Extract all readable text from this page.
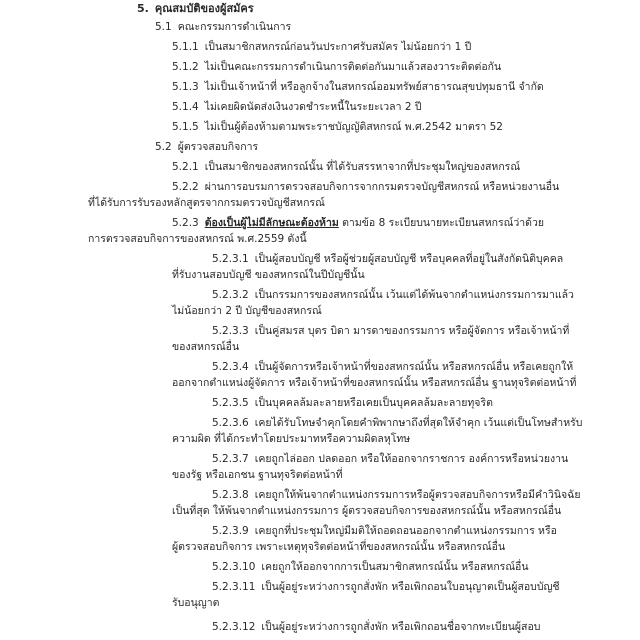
5. คุณสมบัติของผู้สมัคร
5.1 คณะกรรมการดำเนินการ
5.1.1 เป็นสมาชิกสหกรณ์ก่อนวันประกาศรับสมัคร ไม่น้อยกว่า 1 ปี
5.1.2 ไม่เป็นคณะกรรมการดำเนินการติดต่อกันมาแล้วสองวาระติดต่อกัน
5.1.3 ไม่เป็นเจ้าหน้าที่ หรือลูกจ้างในสหกรณ์ออมทรัพย์สาธารณสุขปทุมธานี จำกัด
5.1.4 ไม่เคยผิดนัดส่งเงินงวดชำระหนี้ในระยะเวลา 2 ปี
5.1.5 ไม่เป็นผู้ต้องห้ามตามพระราชบัญญัติสหกรณ์ พ.ศ.2542 มาตรา 52
5.2 ผู้ตรวจสอบกิจการ
5.2.1 เป็นสมาชิกของสหกรณ์นั้น ที่ได้รับสรรหาจากที่ประชุมใหญ่ของสหกรณ์
5.2.2 ผ่านการอบรมการตรวจสอบกิจการจากกรมตรวจบัญชีสหกรณ์ หรือหน่วยงานอื่น
ที่ได้รับการรับรองหลักสูตรจากกรมตรวจบัญชีสหกรณ์
5.2.3 ต้องเป็นผู้ไม่มีลักษณะต้องห้าม ตามข้อ 8 ระเบียบนายทะเบียนสหกรณ์ว่าด้วย
การตรวจสอบกิจการของสหกรณ์ พ.ศ.2559 ดังนี้
5.2.3.1 เป็นผู้สอบบัญชี หรือผู้ช่วยผู้สอบบัญชี หรือบุคคลที่อยู่ในสังกัดนิติบุคคล
ที่รับงานสอบบัญชี ของสหกรณ์ในปีบัญชีนั้น
5.2.3.2 เป็นกรรมการของสหกรณ์นั้น เว้นแต่ได้พ้นจากตำแหน่งกรรมการมาแล้ว
ไม่น้อยกว่า 2 ปี บัญชีของสหกรณ์
5.2.3.3 เป็นคู่สมรส บุตร บิดา มารดาของกรรมการ หรือผู้จัดการ หรือเจ้าหน้าที่
ของสหกรณ์อื่น
5.2.3.4 เป็นผู้จัดการหรือเจ้าหน้าที่ของสหกรณ์นั้น หรือสหกรณ์อื่น หรือเคยถูกให้
ออกจากตำแหน่งผู้จัดการ หรือเจ้าหน้าที่ของสหกรณ์นั้น หรือสหกรณ์อื่น ฐานทุจริตต่อหน้าที่
5.2.3.5 เป็นบุคคลล้มละลายหรือเคยเป็นบุคคลล้มละลายทุจริต
5.2.3.6 เคยได้รับโทษจำคุกโดยคำพิพากษาถึงที่สุดให้จำคุก เว้นแต่เป็นโทษสำหรับ
ความผิด ที่ได้กระทำโดยประมาทหรือความผิดลหุโทษ
5.2.3.7 เคยถูกไล่ออก ปลดออก หรือให้ออกจากราชการ องค์การหรือหน่วยงาน
ของรัฐ หรือเอกชน ฐานทุจริตต่อหน้าที่
5.2.3.8 เคยถูกให้พ้นจากตำแหน่งกรรมการหรือผู้ตรวจสอบกิจการหรือมีคำวินิจฉัย
เป็นที่สุด ให้พ้นจากตำแหน่งกรรมการ ผู้ตรวจสอบกิจการของสหกรณ์นั้น หรือสหกรณ์อื่น
5.2.3.9 เคยถูกที่ประชุมใหญ่มีมติให้ถอดถอนออกจากตำแหน่งกรรมการ หรือ
ผู้ตรวจสอบกิจการ เพราะเหตุทุจริตต่อหน้าที่ของสหกรณ์นั้น หรือสหกรณ์อื่น
5.2.3.10 เคยถูกให้ออกจากการเป็นสมาชิกสหกรณ์นั้น หรือสหกรณ์อื่น
5.2.3.11 เป็นผู้อยู่ระหว่างการถูกสั่งพัก หรือเพิกถอนใบอนุญาตเป็นผู้สอบบัญชี
รับอนุญาต
5.2.3.12 เป็นผู้อยู่ระหว่างการถูกสั่งพัก หรือเพิกถอนชื่อจากทะเบียนผู้สอบ
